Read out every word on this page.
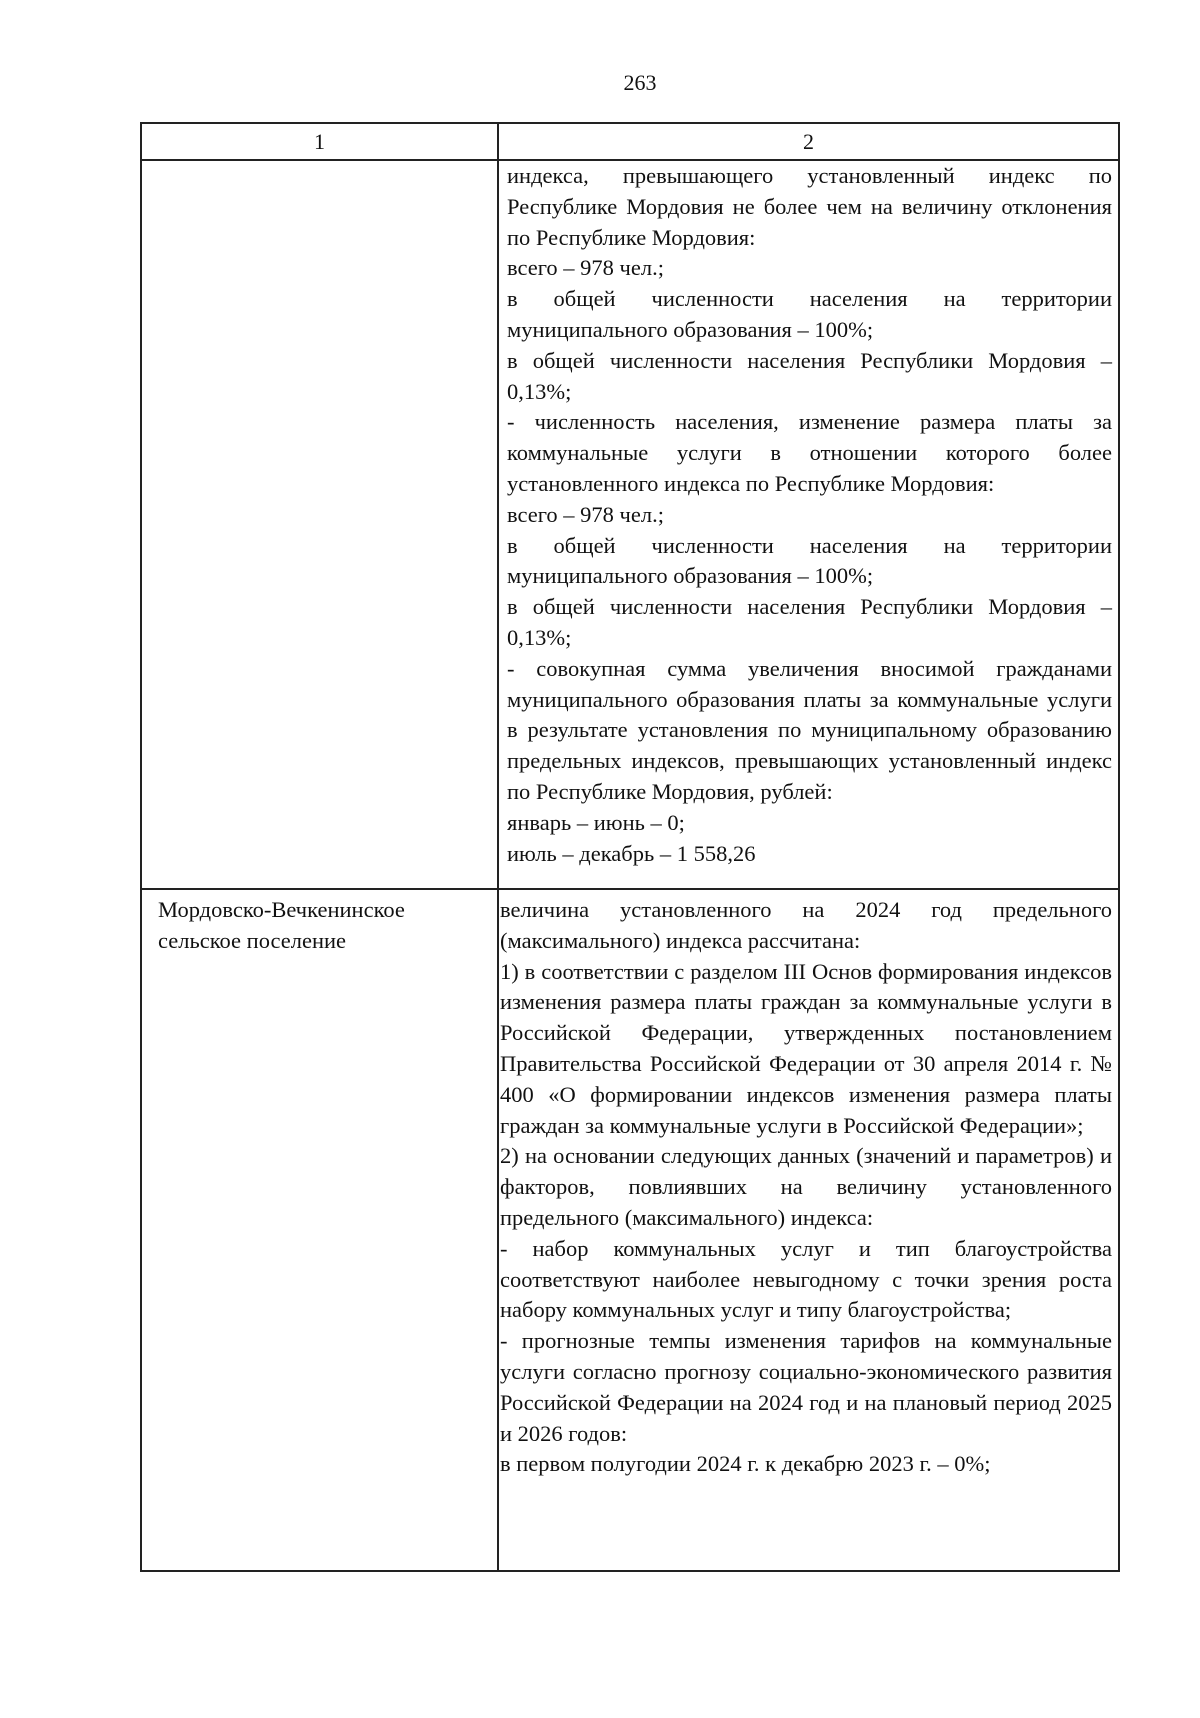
263
1	2

индекса, превышающего установленный индекс по Республике Мордовия не более чем на величину отклонения по Республике Мордовия:

всего – 978 чел.;

в общей численности населения на территории муниципального образования – 100%;

в общей численности населения Республики Мордовия – 0,13%;

- численность населения, изменение размера платы за коммунальные услуги в отношении которого более установленного индекса по Республике Мордовия:

всего – 978 чел.;

в общей численности населения на территории муниципального образования – 100%;

в общей численности населения Республики Мордовия – 0,13%;

- совокупная сумма увеличения вносимой гражданами муниципального образования платы за коммунальные услуги в результате установления по муниципальному образованию предельных индексов, превышающих установленный индекс по Республике Мордовия, рублей:

январь – июнь – 0;

июль – декабрь – 1 558,26

Мордовско-Вечкенинское сельское поселение

величина установленного на 2024 год предельного (максимального) индекса рассчитана:

1) в соответствии с разделом III Основ формирования индексов изменения размера платы граждан за коммунальные услуги в Российской Федерации, утвержденных постановлением Правительства Российской Федерации от 30 апреля 2014 г. № 400 «О формировании индексов изменения размера платы граждан за коммунальные услуги в Российской Федерации»;

2) на основании следующих данных (значений и параметров) и факторов, повлиявших на величину установленного предельного (максимального) индекса:

- набор коммунальных услуг и тип благоустройства соответствуют наиболее невыгодному с точки зрения роста набору коммунальных услуг и типу благоустройства;

- прогнозные темпы изменения тарифов на коммунальные услуги согласно прогнозу социально-экономического развития Российской Федерации на 2024 год и на плановый период 2025 и 2026 годов:

в первом полугодии 2024 г. к декабрю 2023 г. – 0%;
